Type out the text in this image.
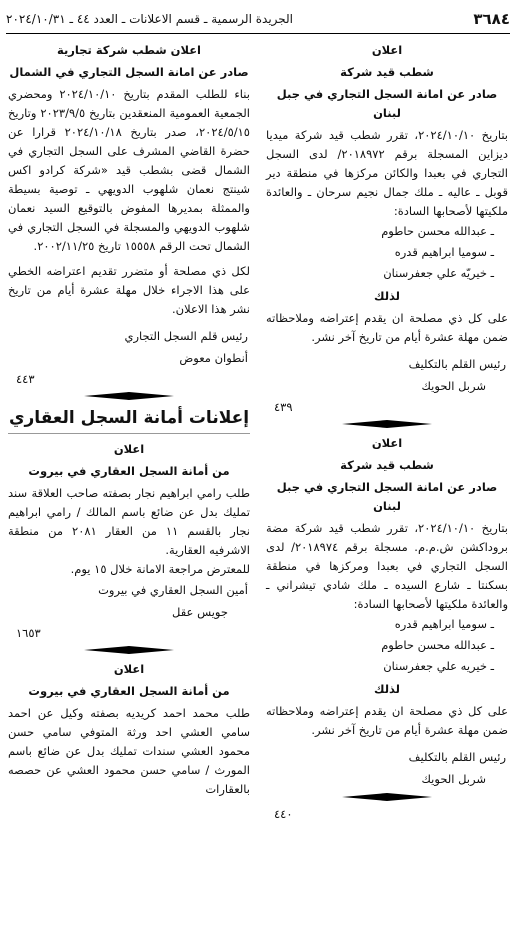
٣٦٨٤
الجريدة الرسمية ـ قسم الاعلانات ـ العدد ٤٤ ـ ٢٠٢٤/١٠/٣١
اعلان
شطب قيد شركة
صادر عن امانة السجل التجاري في جبل لبنان

بتاريخ ٢٠٢٤/١٠/١٠، تقرر شطب قيد شركة ميديا ديزاين المسجلة برقم ٢٠١٨٩٧٢/ لدى السجل التجاري في بعبدا والكائن مركزها في منطقة دير قوبل ـ عاليه ـ ملك جمال نجيم سرحان ـ والعائدة ملكيتها لأصحابها السادة:

ـ عبدالله محسن حاطوم
ـ سوميا ابراهيم قدره
ـ خيريّه علي جعفرسنان
لذلك

على كل ذي مصلحة ان يقدم إعتراضه وملاحظاته ضمن مهلة عشرة أيام من تاريخ آخر نشر.

رئيس القلم بالتكليف
شربل الحويك
٤٣٩
اعلان
شطب قيد شركة
صادر عن امانة السجل التجاري في جبل لبنان

بتاريخ ٢٠٢٤/١٠/١٠، تقرر شطب قيد شركة مضة بروداكشن ش.م.م. مسجلة برقم ٢٠١٨٩٧٤/ لدى السجل التجاري في بعبدا ومركزها في منطقة بسكنتا ـ شارع السيده ـ ملك شادي تيشراني ـ والعائدة ملكيتها لأصحابها السادة:

ـ سوميا ابراهيم قدره
ـ عبدالله محسن حاطوم
ـ خيريه علي جعفرسنان
لذلك

على كل ذي مصلحة ان يقدم إعتراضه وملاحظاته ضمن مهلة عشرة أيام من تاريخ آخر نشر.

رئيس القلم بالتكليف
شربل الحويك
٤٤٠
اعلان شطب شركة تجارية
صادر عن امانة السجل التجاري في الشمال

بناء للطلب المقدم بتاريخ ٢٠٢٤/١٠/١٠ ومحضري الجمعية العمومية المنعقدين بتاريخ ٢٠٢٣/٩/٥ وتاريخ ٢٠٢٤/٥/١٥، صدر بتاريخ ٢٠٢٤/١٠/١٨ قرارا عن حضرة القاضي المشرف على السجل التجاري في الشمال قضى بشطب قيد «شركة كرادو اكس شينتج نعمان شلهوب الدويهي ـ توصية بسيطة والممثلة بمديرها المفوض بالتوقيع السيد نعمان شلهوب الدويهي والمسجلة في السجل التجاري في الشمال تحت الرقم ١٥٥٥٨ تاريخ ٢٠٠٢/١١/٢٥.

لكل ذي مصلحة أو متضرر تقديم اعتراضه الخطي على هذا الاجراء خلال مهلة عشرة أيام من تاريخ نشر هذا الاعلان.

رئيس قلم السجل التجاري
أنطوان معوض
٤٤٣
إعلانات أمانة السجل العقاري
اعلان
من أمانة السجل العقاري في بيروت

طلب رامي ابراهيم نجار بصفته صاحب العلاقة سند تمليك بدل عن ضائع باسم المالك / رامي ابراهيم نجار بالقسم ١١ من العقار ٢٠٨١ من منطقة الاشرفيه العقارية.

للمعترض مراجعة الامانة خلال ١٥ يوم.

أمين السجل العقاري في بيروت
جويس عقل
١٦٥٣
اعلان
من أمانة السجل العقاري في بيروت

طلب محمد احمد كريديه بصفته وكيل عن احمد سامي العشي احد ورثة المتوفي سامي حسن محمود العشي سندات تمليك بدل عن ضائع باسم المورث / سامي حسن محمود العشي عن حصصه بالعقارات
